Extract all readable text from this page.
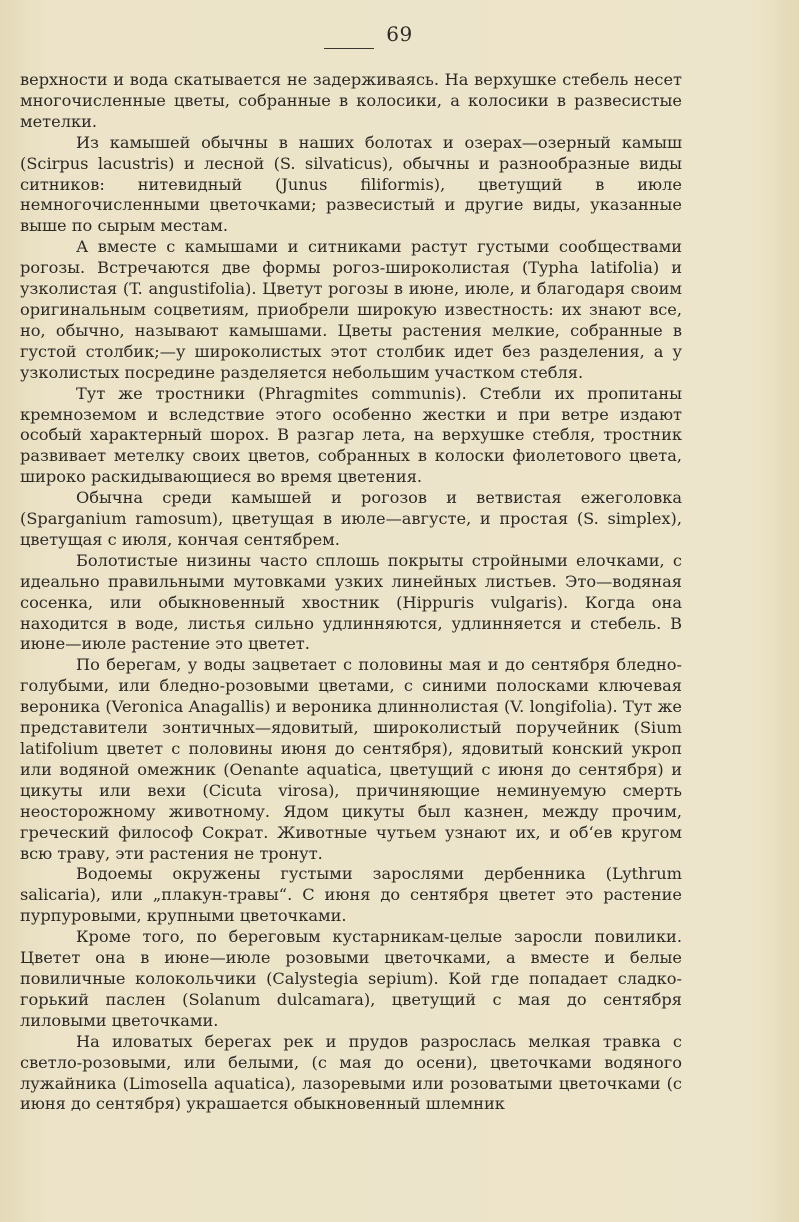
69

верхности и вода скатывается не задерживаясь. На верхушке стебель несет многочисленные цветы, собранные в колосики, а колосики в развесистые метелки.

Из камышей обычны в наших болотах и озерах—озерный камыш (Scirpus lacustris) и лесной (S. silvaticus), обычны и разнообразные виды ситников: нитевидный (Junus filiformis), цветущий в июле немногочисленными цветочками; развесистый и другие виды, указанные выше по сырым местам.

А вместе с камышами и ситниками растут густыми сообществами рогозы. Встречаются две формы рогоз-широколистая (Typha latifolia) и узколистая (T. angustifolia). Цветут рогозы в июне, июле, и благодаря своим оригинальным соцветиям, приобрели широкую известность: их знают все, но, обычно, называют камышами. Цветы растения мелкие, собранные в густой столбик;—у широколистых этот столбик идет без разделения, а у узколистых посредине разделяется небольшим участком стебля.

Тут же тростники (Phragmites communis). Стебли их пропитаны кремноземом и вследствие этого особенно жестки и при ветре издают особый характерный шорох. В разгар лета, на верхушке стебля, тростник развивает метелку своих цветов, собранных в колоски фиолетового цвета, широко раскидывающиеся во время цветения.

Обычна среди камышей и рогозов и ветвистая ежеголовка (Sparganium ramosum), цветущая в июле—августе, и простая (S. simplex), цветущая с июля, кончая сентябрем.

Болотистые низины часто сплошь покрыты стройными елочками, с идеально правильными мутовками узких линейных листьев. Это—водяная сосенка, или обыкновенный хвостник (Hippuris vulgaris). Когда она находится в воде, листья сильно удлинняются, удлинняется и стебель. В июне—июле растение это цветет.

По берегам, у воды зацветает с половины мая и до сентября бледно-голубыми, или бледно-розовыми цветами, с синими полосками ключевая вероника (Veronica Anagallis) и вероника длиннолистая (V. longifolia). Тут же представители зонтичных—ядовитый, широколистый поручейник (Sium latifolium цветет с половины июня до сентября), ядовитый конский укроп или водяной омежник (Oenante aquatica, цветущий с июня до сентября) и цикуты или вехи (Cicuta virosa), причиняющие неминуемую смерть неосторожному животному. Ядом цикуты был казнен, между прочим, греческий философ Сократ. Животные чутьем узнают их, и об‘ев кругом всю траву, эти растения не тронут.

Водоемы окружены густыми зарослями дербенника (Lythrum salicaria), или „плакун-травы“. С июня до сентября цветет это растение пурпуровыми, крупными цветочками.

Кроме того, по береговым кустарникам-целые заросли повилики. Цветет она в июне—июле розовыми цветочками, а вместе и белые повиличные колокольчики (Calystegia sepium). Кой где попадает сладко-горький паслен (Solanum dulcamara), цветущий с мая до сентября лиловыми цветочками.

На иловатых берегах рек и прудов разрослась мелкая травка с светло-розовыми, или белыми, (с мая до осени), цветочками водяного лужайника (Limosella aquatica), лазоревыми или розоватыми цветочками (с июня до сентября) украшается обыкновенный шлемник
